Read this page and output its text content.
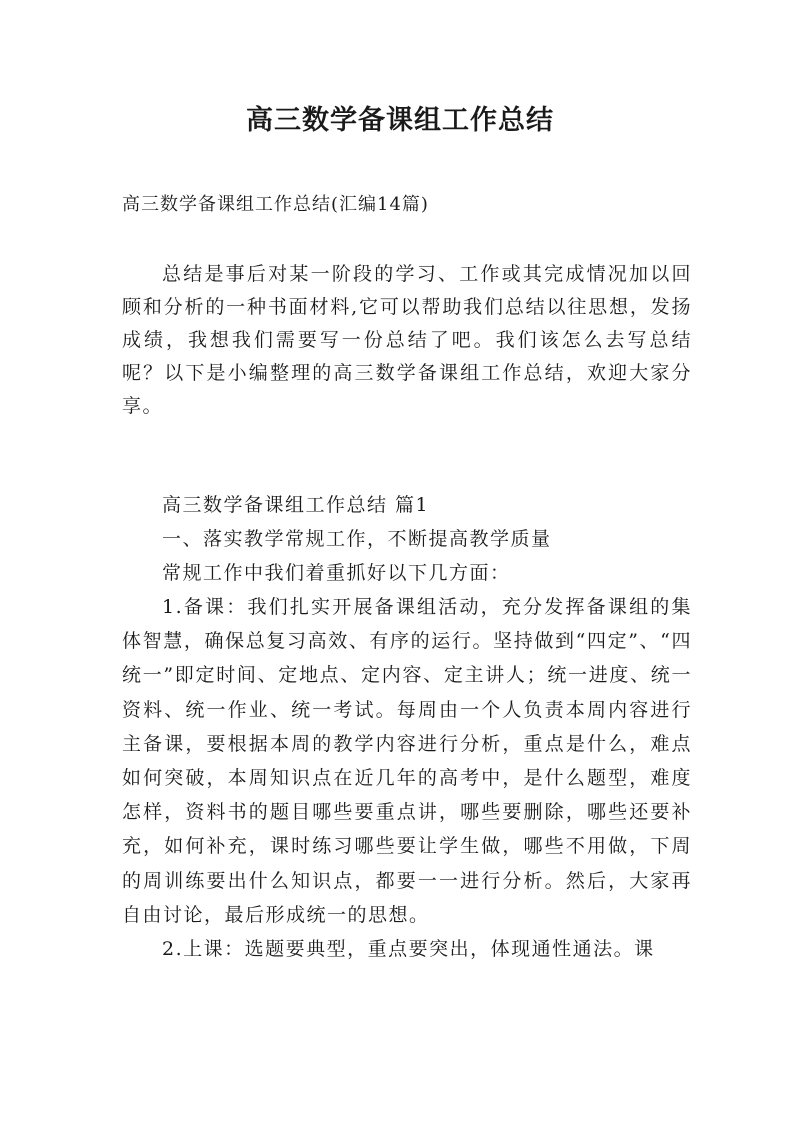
高三数学备课组工作总结
高三数学备课组工作总结(汇编14篇)

总结是事后对某一阶段的学习、工作或其完成情况加以回顾和分析的一种书面材料,它可以帮助我们总结以往思想，发扬成绩，我想我们需要写一份总结了吧。我们该怎么去写总结呢？以下是小编整理的高三数学备课组工作总结，欢迎大家分享。

高三数学备课组工作总结 篇1

一、落实教学常规工作，不断提高教学质量

常规工作中我们着重抓好以下几方面：

1.备课：我们扎实开展备课组活动，充分发挥备课组的集体智慧，确保总复习高效、有序的运行。坚持做到“四定”、“四统一”即定时间、定地点、定内容、定主讲人；统一进度、统一资料、统一作业、统一考试。每周由一个人负责本周内容进行主备课，要根据本周的教学内容进行分析，重点是什么，难点如何突破，本周知识点在近几年的高考中，是什么题型，难度怎样，资料书的题目哪些要重点讲，哪些要删除，哪些还要补充，如何补充，课时练习哪些要让学生做，哪些不用做，下周的周训练要出什么知识点，都要一一进行分析。然后，大家再自由讨论，最后形成统一的思想。

2.上课：选题要典型，重点要突出，体现通性通法。课
